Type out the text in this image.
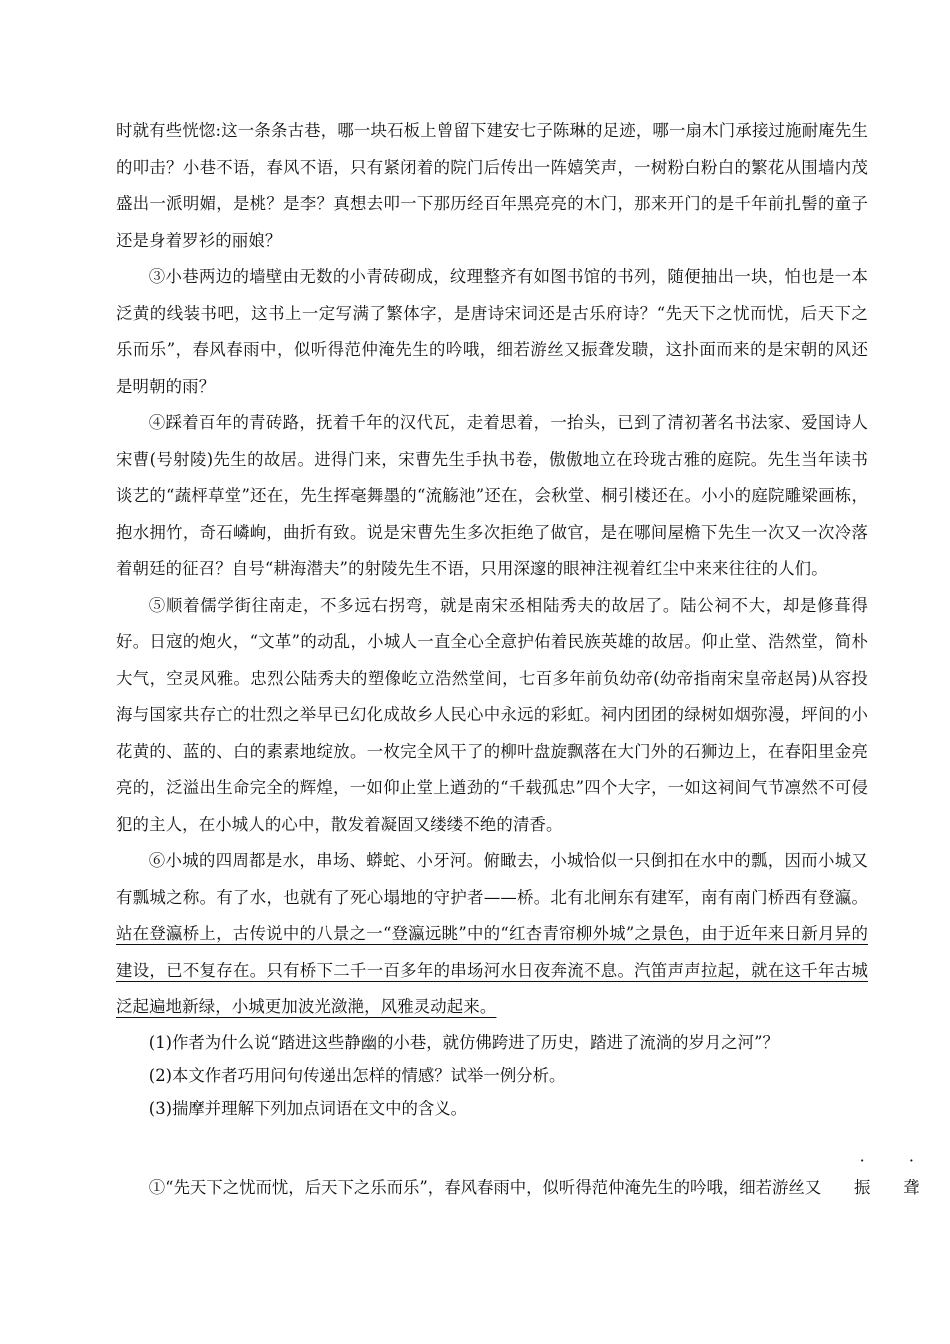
时就有些恍惚:这一条条古巷，哪一块石板上曾留下建安七子陈琳的足迹，哪一扇木门承接过施耐庵先生的叩击？小巷不语，春风不语，只有紧闭着的院门后传出一阵嬉笑声，一树粉白粉白的繁花从围墙内茂盛出一派明媚，是桃？是李？真想去叩一下那历经百年黑亮亮的木门，那来开门的是千年前扎髻的童子还是身着罗衫的丽娘？

③小巷两边的墙壁由无数的小青砖砌成，纹理整齐有如图书馆的书列，随便抽出一块，怕也是一本泛黄的线装书吧，这书上一定写满了繁体字，是唐诗宋词还是古乐府诗？“先天下之忧而忧，后天下之乐而乐”，春风春雨中，似听得范仲淹先生的吟哦，细若游丝又振聋发聩，这扑面而来的是宋朝的风还是明朝的雨？

④踩着百年的青砖路，抚着千年的汉代瓦，走着思着，一抬头，已到了清初著名书法家、爱国诗人宋曹(号射陵)先生的故居。进得门来，宋曹先生手执书卷，傲傲地立在玲珑古雅的庭院。先生当年读书谈艺的“蔬枰草堂”还在，先生挥毫舞墨的“流觞池”还在，会秋堂、桐引楼还在。小小的庭院雕梁画栋，抱水拥竹，奇石嶙峋，曲折有致。说是宋曹先生多次拒绝了做官，是在哪间屋檐下先生一次又一次冷落着朝廷的征召？自号“耕海潜夫”的射陵先生不语，只用深邃的眼神注视着红尘中来来往往的人们。

⑤顺着儒学街往南走，不多远右拐弯，就是南宋丞相陆秀夫的故居了。陆公祠不大，却是修葺得好。日寇的炮火，“文革”的动乱，小城人一直全心全意护佑着民族英雄的故居。仰止堂、浩然堂，简朴大气，空灵风雅。忠烈公陆秀夫的塑像屹立浩然堂间，七百多年前负幼帝(幼帝指南宋皇帝赵昺)从容投海与国家共存亡的壮烈之举早已幻化成故乡人民心中永远的彩虹。祠内团团的绿树如烟弥漫，坪间的小花黄的、蓝的、白的素素地绽放。一枚完全风干了的柳叶盘旋飘落在大门外的石狮边上，在春阳里金亮亮的，泛溢出生命完全的辉煌，一如仰止堂上遒劲的“千载孤忠”四个大字，一如这祠间气节凛然不可侵犯的主人，在小城人的心中，散发着凝固又缕缕不绝的清香。

⑥小城的四周都是水，串场、蟒蛇、小牙河。俯瞰去，小城恰似一只倒扣在水中的瓢，因而小城又有瓢城之称。有了水，也就有了死心塌地的守护者——桥。北有北闸东有建军，南有南门桥西有登瀛。站在登瀛桥上，古传说中的八景之一“登瀛远眺”中的“红杏青帘柳外城”之景色，由于近年来日新月异的建设，已不复存在。只有桥下二千一百多年的串场河水日夜奔流不息。汽笛声声拉起，就在这千年古城泛起遍地新绿，小城更加波光潋滟，风雅灵动起来。

(1)作者为什么说“踏进这些静幽的小巷，就仿佛跨进了历史，踏进了流淌的岁月之河”？

(2)本文作者巧用问句传递出怎样的情感？试举一例分析。

(3)揣摩并理解下列加点词语在文中的含义。

①“先天下之忧而忧，后天下之乐而乐”，春风春雨中，似听得范仲淹先生的吟哦，细若游丝又 振 聋
